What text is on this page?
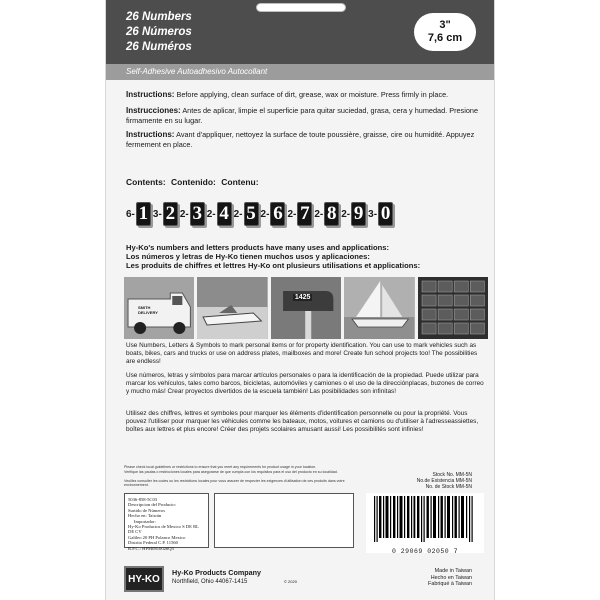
26 Numbers
26 Números
26 Numéros
3"
7,6 cm
Self-Adhesive Autoadhesivo Autocollant
Instructions: Before applying, clean surface of dirt, grease, wax or moisture. Press firmly in place.
Instrucciones: Antes de aplicar, limpie el superficie para quitar suciedad, grasa, cera y humedad. Presione firmamente en su lugar.
Instructions: Avant d'appliquer, nettoyez la surface de toute poussière, graisse, cire ou humidité. Appuyez fermement en place.
Contents: Contenido: Contenu:
6- 1 3- 2 2- 3 2- 4 2- 5 2- 6 2- 7 2- 8 2- 9 3- 0
Hy-Ko's numbers and letters products have many uses and applications:
Los números y letras de Hy-Ko tienen muchos usos y aplicaciones:
Les produits de chiffres et lettres Hy-Ko ont plusieurs utilisations et applications:
SMITH
DELIVERY
1425
Use Numbers, Letters & Symbols to mark personal items or for property identification. You can use to mark vehicles such as boats, bikes, cars and trucks or use on address plates, mailboxes and more! Create fun school projects too! The possibilities are endless!
Use números, letras y símbolos para marcar artículos personales o para la identificación de la propiedad. Puede utilizar para marcar los vehículos, tales como barcos, bicicletas, automóviles y camiones o el uso de la direcciónplacas, buzones de correo y mucho más! Crear proyectos divertidos de la escuela también! Las posibilidades son infinitas!
Utilisez des chiffres, lettres et symboles pour marquer les éléments d'identification personnelle ou pour la propriété. Vous pouvez l'utiliser pour marquer les véhicules comme les bateaux, motos, voitures et camions ou d'utiliser à l'adresseassiettes, boîtes aux lettres et plus encore! Créer des projets scolaires amusant aussi! Les possibilités sont infinies!
Please check local guidelines or restrictions to ensure that you meet any requirements for product usage in your location.
Verifique las pautas o restricciones locales para asegurarse de que cumpla con los requisitos para el uso del producto en su localidad.
Veuillez consulter les codes ou les restrictions locales pour vous assurer de respecter les exigences d'utilisation de ces produits dans votre environnement.
Stock No. MM-5N
No.de Existencia MM-5N
No. de Stock MM-5N
5036-858-5C03
Descripcion del Producto:
Surtido de Números
Hecho en: Taiwán
Importador:
Hy-Ko Productos de Mexico S DE RL DE CV
Galileo 20 PH Polanco Mexico
Distrito Federal C.P. 11560
R.F.C.: HPM0810026Q3	0 29069 02050 7
HY-KO
Hy-Ko Products Company
Northfield, Ohio 44067-1415	© 2020
Made in Taiwan
Hecho en Taiwan
Fabriqué à Taiwan
